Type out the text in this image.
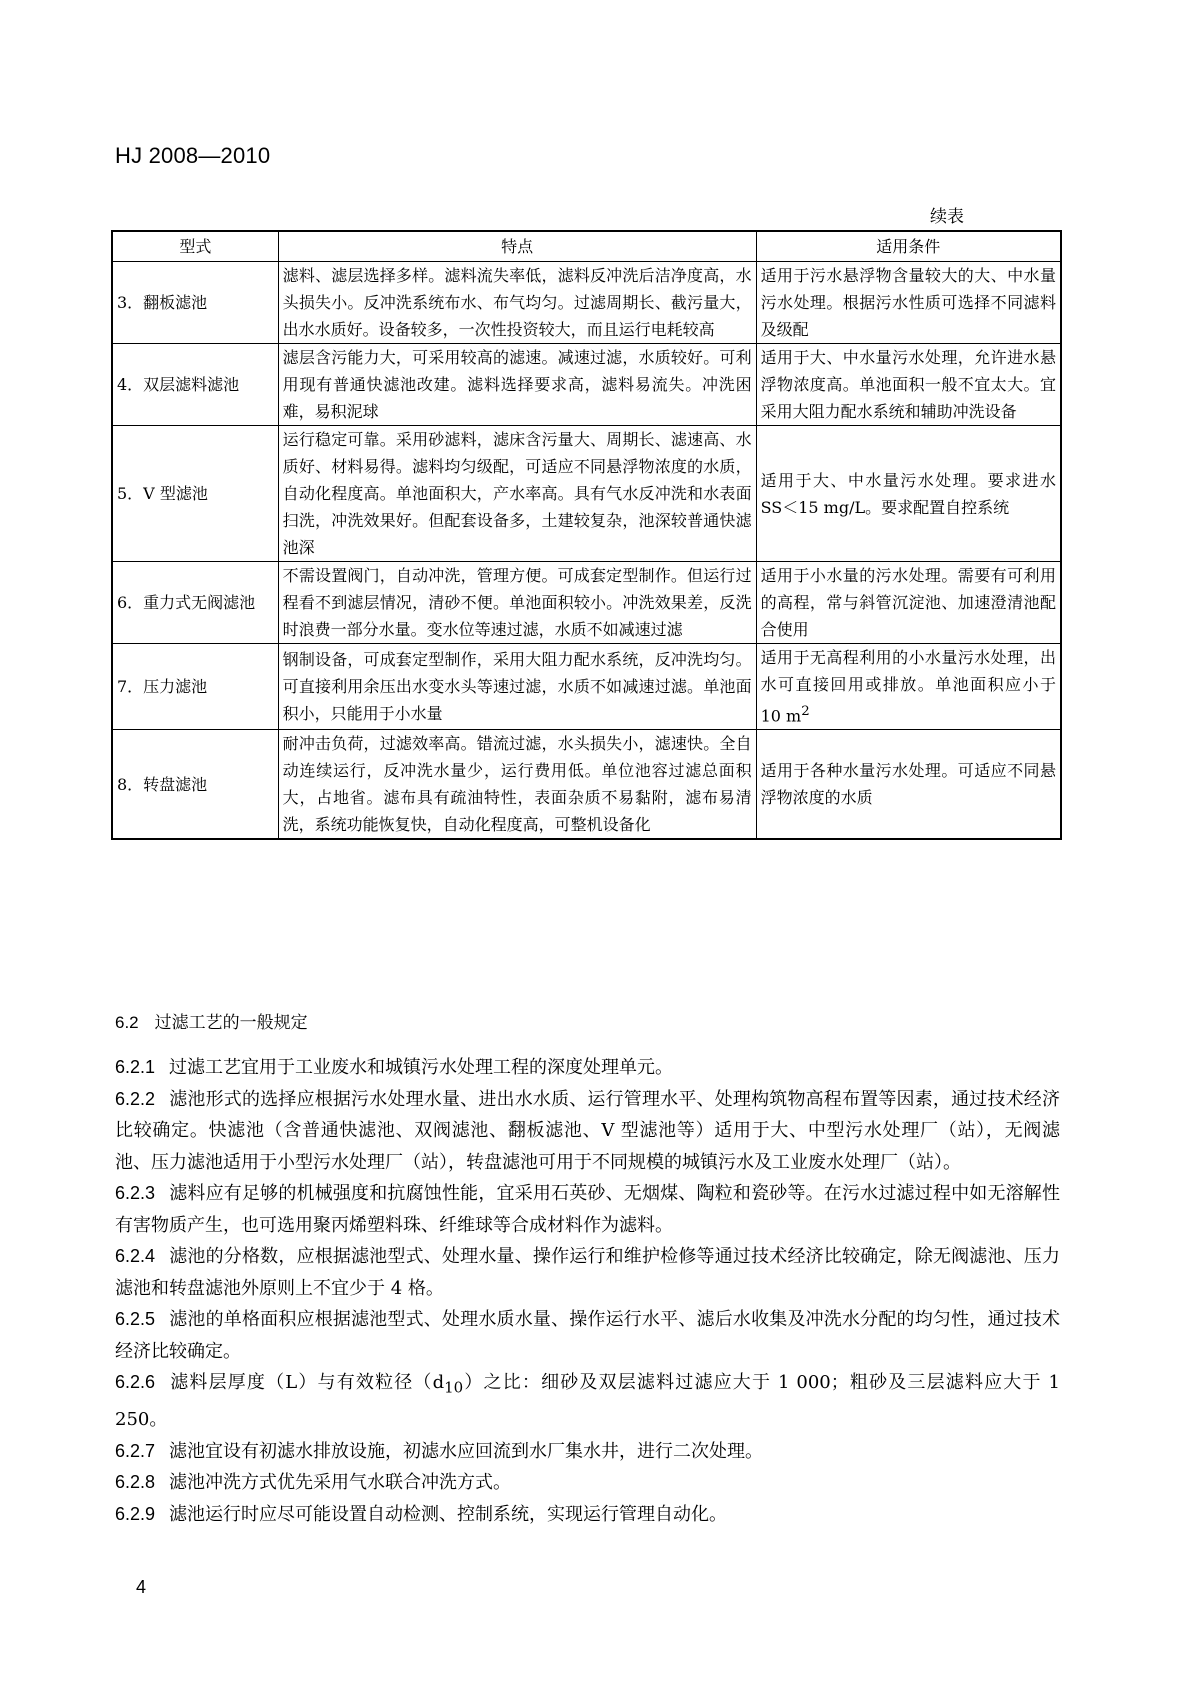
HJ 2008—2010
续表
型式	特点	适用条件
3．翻板滤池	滤料、滤层选择多样。滤料流失率低，滤料反冲洗后洁净度高，水头损失小。反冲洗系统布水、布气均匀。过滤周期长、截污量大，出水水质好。设备较多，一次性投资较大，而且运行电耗较高	适用于污水悬浮物含量较大的大、中水量污水处理。根据污水性质可选择不同滤料及级配
4．双层滤料滤池	滤层含污能力大，可采用较高的滤速。减速过滤，水质较好。可利用现有普通快滤池改建。滤料选择要求高，滤料易流失。冲洗困难，易积泥球	适用于大、中水量污水处理，允许进水悬浮物浓度高。单池面积一般不宜太大。宜采用大阻力配水系统和辅助冲洗设备
5．V 型滤池	运行稳定可靠。采用砂滤料，滤床含污量大、周期长、滤速高、水质好、材料易得。滤料均匀级配，可适应不同悬浮物浓度的水质，自动化程度高。单池面积大，产水率高。具有气水反冲洗和水表面扫洗，冲洗效果好。但配套设备多，土建较复杂，池深较普通快滤池深	适用于大、中水量污水处理。要求进水 SS＜15 mg/L。要求配置自控系统
6．重力式无阀滤池	不需设置阀门，自动冲洗，管理方便。可成套定型制作。但运行过程看不到滤层情况，清砂不便。单池面积较小。冲洗效果差，反洗时浪费一部分水量。变水位等速过滤，水质不如减速过滤	适用于小水量的污水处理。需要有可利用的高程，常与斜管沉淀池、加速澄清池配合使用
7．压力滤池	钢制设备，可成套定型制作，采用大阻力配水系统，反冲洗均匀。可直接利用余压出水变水头等速过滤，水质不如减速过滤。单池面积小，只能用于小水量	适用于无高程利用的小水量污水处理，出水可直接回用或排放。单池面积应小于 10 $m^2$
8．转盘滤池	耐冲击负荷，过滤效率高。错流过滤，水头损失小，滤速快。全自动连续运行，反冲洗水量少，运行费用低。单位池容过滤总面积大，占地省。滤布具有疏油特性，表面杂质不易黏附，滤布易清洗，系统功能恢复快，自动化程度高，可整机设备化	适用于各种水量污水处理。可适应不同悬浮物浓度的水质
6.2 过滤工艺的一般规定

6.2.1 过滤工艺宜用于工业废水和城镇污水处理工程的深度处理单元。

6.2.2 滤池形式的选择应根据污水处理水量、进出水水质、运行管理水平、处理构筑物高程布置等因素，通过技术经济比较确定。快滤池（含普通快滤池、双阀滤池、翻板滤池、V 型滤池等）适用于大、中型污水处理厂（站），无阀滤池、压力滤池适用于小型污水处理厂（站），转盘滤池可用于不同规模的城镇污水及工业废水处理厂（站）。

6.2.3 滤料应有足够的机械强度和抗腐蚀性能，宜采用石英砂、无烟煤、陶粒和瓷砂等。在污水过滤过程中如无溶解性有害物质产生，也可选用聚丙烯塑料珠、纤维球等合成材料作为滤料。

6.2.4 滤池的分格数，应根据滤池型式、处理水量、操作运行和维护检修等通过技术经济比较确定，除无阀滤池、压力滤池和转盘滤池外原则上不宜少于 4 格。

6.2.5 滤池的单格面积应根据滤池型式、处理水质水量、操作运行水平、滤后水收集及冲洗水分配的均匀性，通过技术经济比较确定。

6.2.6 滤料层厚度（L）与有效粒径$(d_{10})$之比：细砂及双层滤料过滤应大于 1 000；粗砂及三层滤料应大于 1 250。

6.2.7 滤池宜设有初滤水排放设施，初滤水应回流到水厂集水井，进行二次处理。

6.2.8 滤池冲洗方式优先采用气水联合冲洗方式。

6.2.9 滤池运行时应尽可能设置自动检测、控制系统，实现运行管理自动化。

4
